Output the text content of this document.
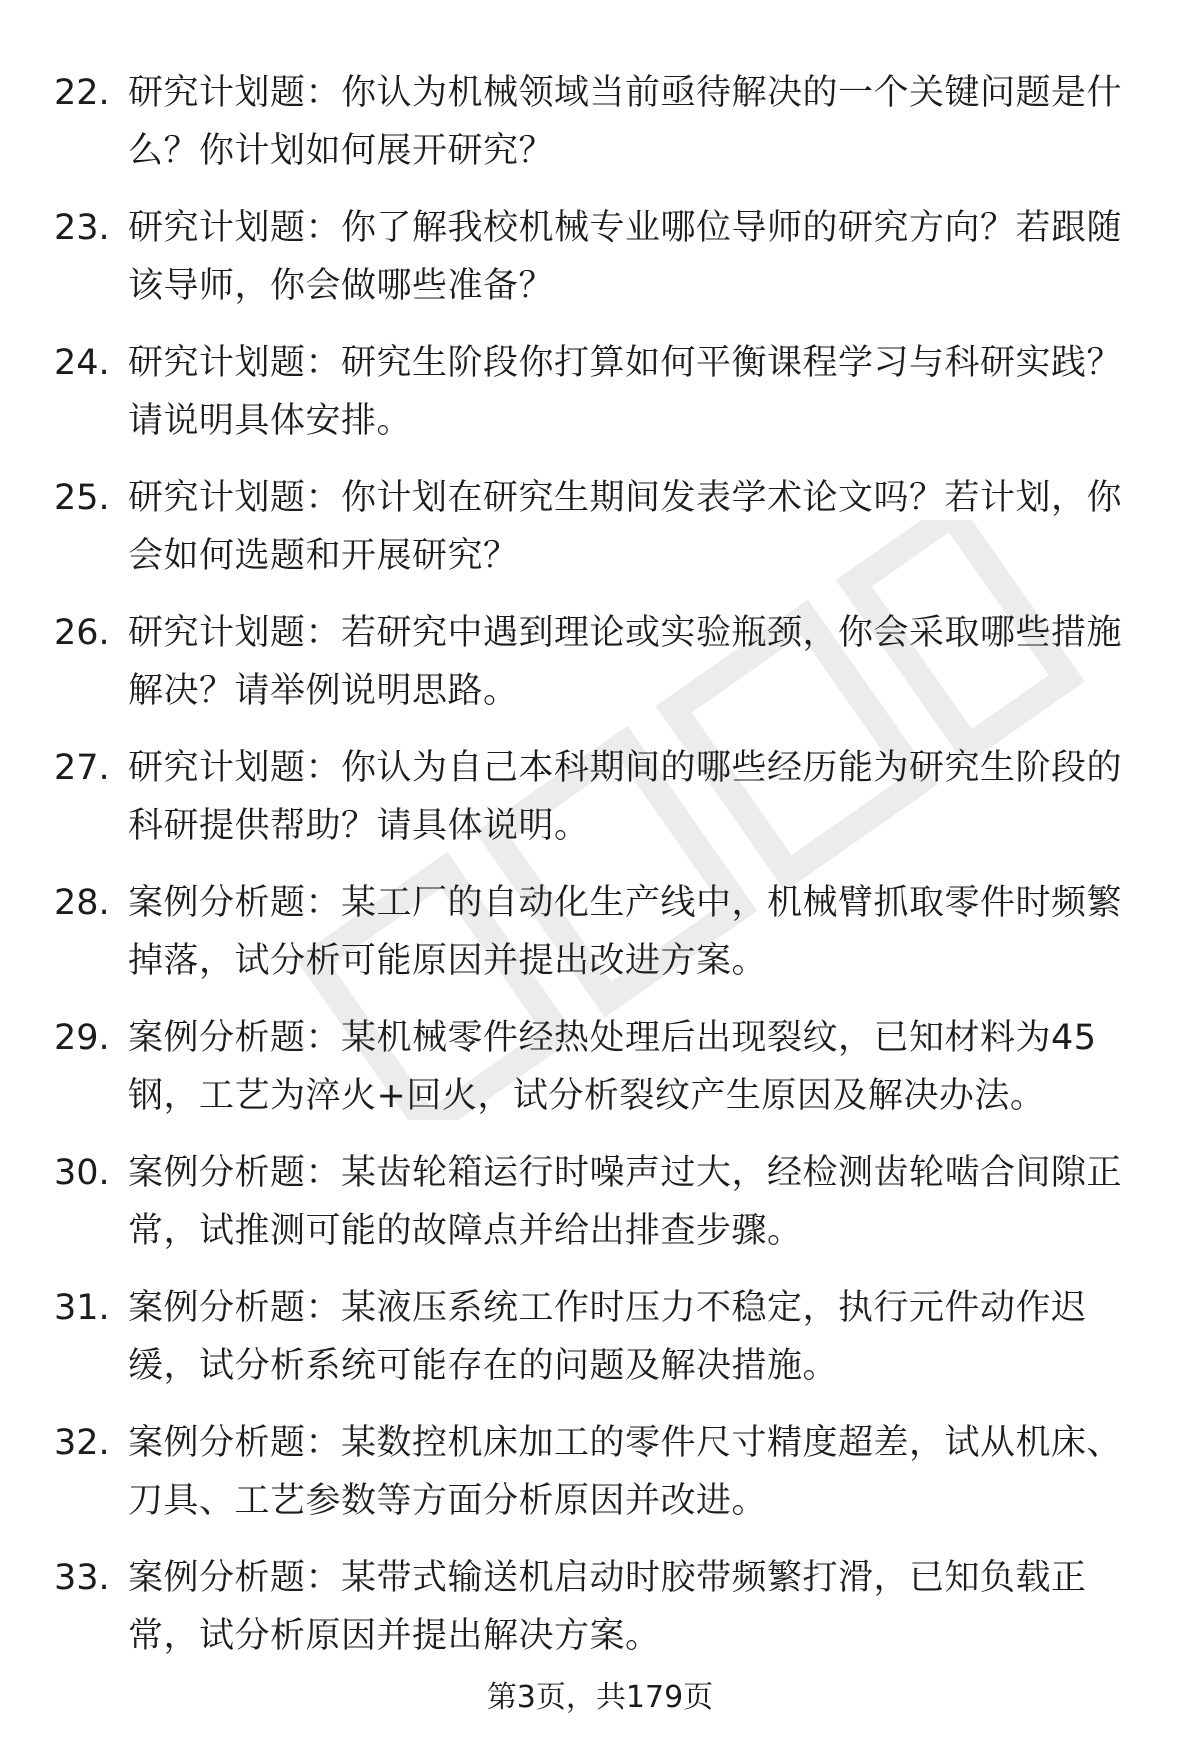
22. 研究计划题：你认为机械领域当前亟待解决的一个关键问题是什么？你计划如何展开研究？
23. 研究计划题：你了解我校机械专业哪位导师的研究方向？若跟随该导师，你会做哪些准备？
24. 研究计划题：研究生阶段你打算如何平衡课程学习与科研实践？请说明具体安排。
25. 研究计划题：你计划在研究生期间发表学术论文吗？若计划，你会如何选题和开展研究？
26. 研究计划题：若研究中遇到理论或实验瓶颈，你会采取哪些措施解决？请举例说明思路。
27. 研究计划题：你认为自己本科期间的哪些经历能为研究生阶段的科研提供帮助？请具体说明。
28. 案例分析题：某工厂的自动化生产线中，机械臂抓取零件时频繁掉落，试分析可能原因并提出改进方案。
29. 案例分析题：某机械零件经热处理后出现裂纹，已知材料为45钢，工艺为淬火+回火，试分析裂纹产生原因及解决办法。
30. 案例分析题：某齿轮箱运行时噪声过大，经检测齿轮啮合间隙正常，试推测可能的故障点并给出排查步骤。
31. 案例分析题：某液压系统工作时压力不稳定，执行元件动作迟缓，试分析系统可能存在的问题及解决措施。
32. 案例分析题：某数控机床加工的零件尺寸精度超差，试从机床、刀具、工艺参数等方面分析原因并改进。
33. 案例分析题：某带式输送机启动时胶带频繁打滑，已知负载正常，试分析原因并提出解决方案。
第3页，共179页
